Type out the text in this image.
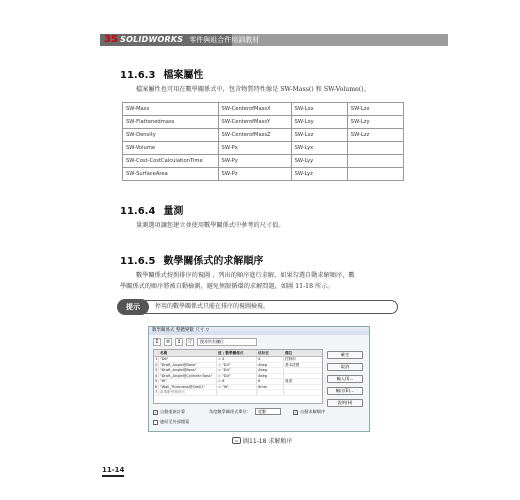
3S SOLIDWORKS 零件與組合件培訓教材
11.6.3 檔案屬性
檔案屬性也可用在數學關係式中，包含物質特性像是 SW-Mass() 和 SW-Volume()。
SW-Mass	SW-CenterofMassX	SW-Lxx	SW-Lzx
SW-Flattenedmass	SW-CenterofMassY	SW-Lxy	SW-Lzy
SW-Density	SW-CenterofMassZ	SW-Lxz	SW-Lzz
SW-Volume	SW-Px	SW-Lyx	
SW-Cost-CostCalculationTime	SW-Py	SW-Lyy	
SW-SurfaceArea	SW-Pz	SW-Lyz	
11.6.4 量測
量測選項讓您建立並使用數學關係式中參考的尺寸值。
11.6.5 數學關係式的求解順序
數學關係式按照排序的視圖 ，列出的順序進行求解，如果勾選自動求解順序，數
學關係式的順序將被自動檢測，避免無限循環的求解問題，如圖 11-18 所示。
提示	停用的數學關係式只能在排序的視圖檢視。
數學關係式 整體變數 尺寸 ▽
Σ	≡	↕	▽	搜尋所有欄位
名稱	值 / 數學關係式	估計至	備註
1 "D6"	= 4	4	控制用
2 "Draft_Angle@Base"	= "D4"	4deg	基本拔模
3 "Draft_Angle@Boss"	= "D4"	4deg
4 "Draft_Angle@Cylinder Boss"	= "D4"	4deg
5 "W"	= 6	6	寬度
6 "Wall_Thickness@Shell1"	= "W"	6mm
7 新增數學關係式
確定
取消
輸入(I)...
輸出(E)...
說明(H)
✓
自動重新計算	角度數學關係式單位:	度數 ✓	自動求解順序
連結至外部檔案
▭ 圖11-18 求解順序
11-14
